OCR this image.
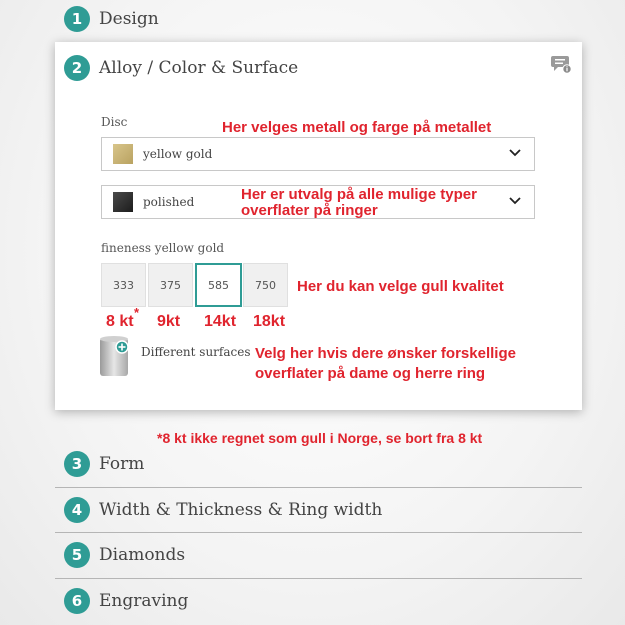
1 Design
2 Alloy / Color & Surface
Disc
yellow gold
polished
fineness yellow gold
333	375	585	750
Different surfaces
Her velges metall og farge på metallet
Her er utvalg på alle mulige typer
overflater på ringer
Her du kan velge gull kvalitet
8 kt
*
9kt 14kt 18kt
Velg her hvis dere ønsker forskellige
overflater på dame og herre ring
*8 kt ikke regnet som gull i Norge, se bort fra 8 kt
3 Form
4 Width & Thickness & Ring width
5 Diamonds
6 Engraving
